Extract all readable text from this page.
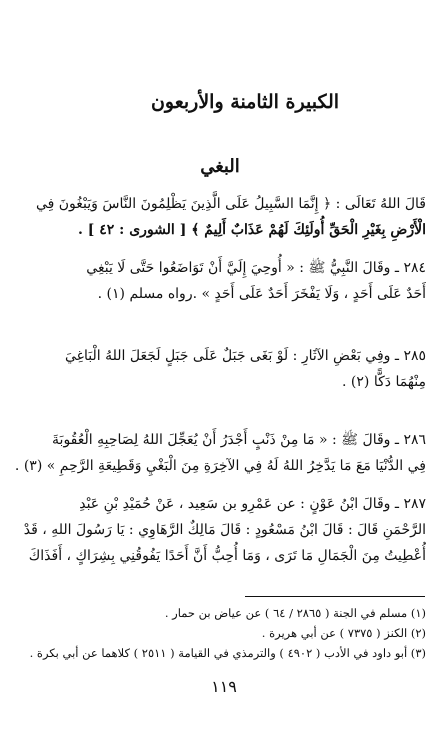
الكبيرة الثامنة والأربعون
البغي
قَالَ اللهُ تَعَالَى : ﴿ إِنَّمَا السَّبِيلُ عَلَى الَّذِينَ يَظْلِمُونَ النَّاسَ وَيَبْغُونَ فِي
الْأَرْضِ بِغَيْرِ الْحَقِّ أُولَئِكَ لَهُمْ عَذَابٌ أَلِيمٌ ﴾ [ الشورى : ٤٢ ] .
٢٨٤ ـ وقَالَ النَّبِيُّ ﷺ : « أُوحِيَ إِلَيَّ أَنْ تَوَاضَعُوا حَتَّى لَا يَبْغِي
أَحَدٌ عَلَى أَحَدٍ ، وَلَا يَفْخَرَ أَحَدٌ عَلَى أَحَدٍ » .رواه مسلم (١) .
٢٨٥ ـ وفِي بَعْضِ الآثَارِ : لَوْ بَغَى جَبَلٌ عَلَى جَبَلٍ لَجَعَلَ اللهُ الْبَاغِيَ
مِنْهُمَا دَكًّا (٢) .
٢٨٦ ـ وقَالَ ﷺ : « مَا مِنْ ذَنْبٍ أَجْدَرُ أَنْ يُعَجِّلَ اللهُ لِصَاحِبِهِ الْعُقُوبَةَ
فِي الدُّنْيَا مَعَ مَا يَدَّخِرُ اللهُ لَهُ فِي الآخِرَةِ مِنَ الْبَغْيِ وَقَطِيعَةِ الرَّحِمِ » (٣) .
٢٨٧ ـ وقَالَ ابْنُ عَوْنٍ : عن عَمْرِو بن سَعِيد ، عَنْ حُمَيْدِ بْنِ عَبْدِ
الرَّحْمَنِ قَالَ : قَالَ ابْنُ مَسْعُودٍ : قَالَ مَالِكٌ الرَّهَاوِي : يَا رَسُولَ اللهِ ، قَدْ
أُعْطِيتُ مِنَ الْجَمَالِ مَا تَرَى ، وَمَا أُحِبُّ أَنَّ أَحَدًا يَفُوقُنِي بِشِرَاكٍ ، أَفَذَاكَ
(١) مسلم في الجنة ( ٢٨٦٥ / ٦٤ ) عن عياض بن حمار .
(٢) الكنز ( ٧٣٧٥ ) عن أبي هريرة .
(٣) أبو داود في الأدب ( ٤٩٠٢ ) والترمذي في القيامة ( ٢٥١١ ) كلاهما عن أبي بكرة .
١١٩
